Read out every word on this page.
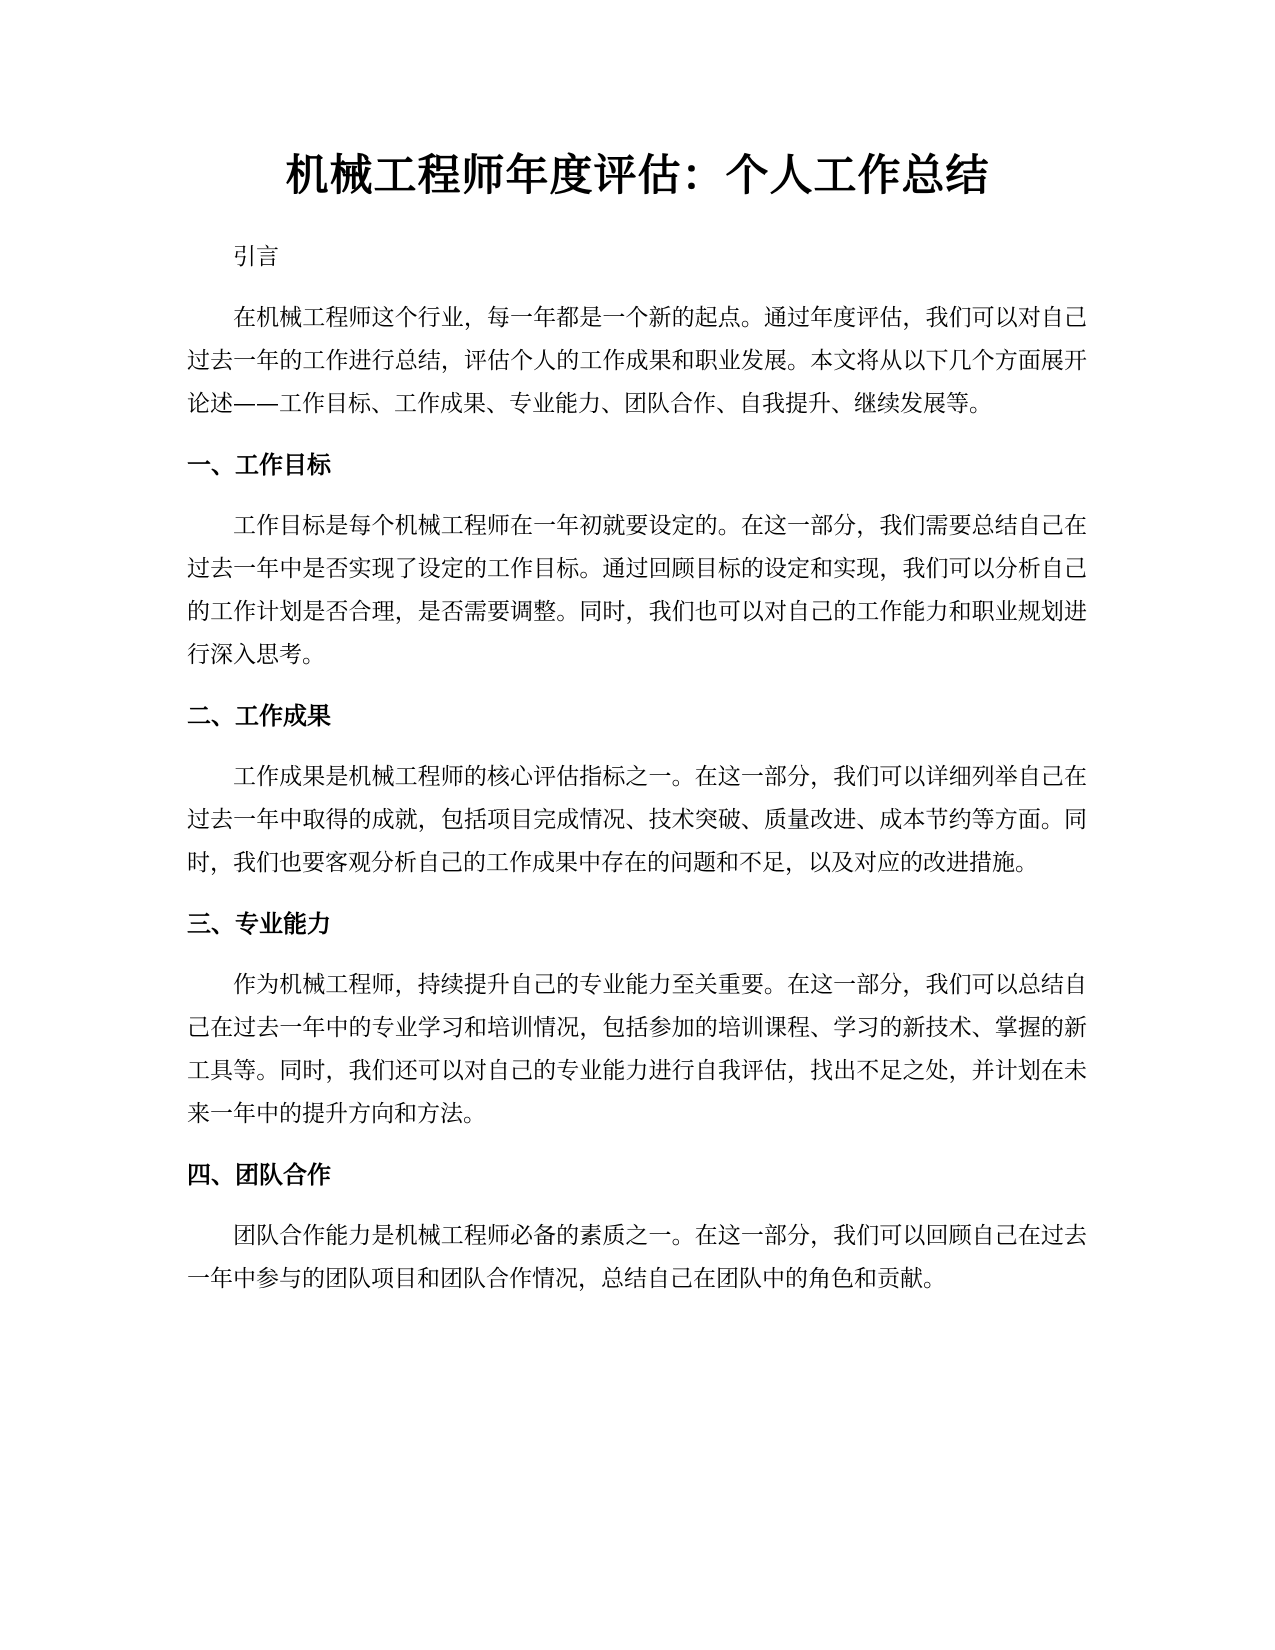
机械工程师年度评估：个人工作总结

引言

在机械工程师这个行业，每一年都是一个新的起点。通过年度评估，我们可以对自己过去一年的工作进行总结，评估个人的工作成果和职业发展。本文将从以下几个方面展开论述——工作目标、工作成果、专业能力、团队合作、自我提升、继续发展等。

一、工作目标

工作目标是每个机械工程师在一年初就要设定的。在这一部分，我们需要总结自己在过去一年中是否实现了设定的工作目标。通过回顾目标的设定和实现，我们可以分析自己的工作计划是否合理，是否需要调整。同时，我们也可以对自己的工作能力和职业规划进行深入思考。

二、工作成果

工作成果是机械工程师的核心评估指标之一。在这一部分，我们可以详细列举自己在过去一年中取得的成就，包括项目完成情况、技术突破、质量改进、成本节约等方面。同时，我们也要客观分析自己的工作成果中存在的问题和不足，以及对应的改进措施。

三、专业能力

作为机械工程师，持续提升自己的专业能力至关重要。在这一部分，我们可以总结自己在过去一年中的专业学习和培训情况，包括参加的培训课程、学习的新技术、掌握的新工具等。同时，我们还可以对自己的专业能力进行自我评估，找出不足之处，并计划在未来一年中的提升方向和方法。

四、团队合作

团队合作能力是机械工程师必备的素质之一。在这一部分，我们可以回顾自己在过去一年中参与的团队项目和团队合作情况，总结自己在团队中的角色和贡献。
